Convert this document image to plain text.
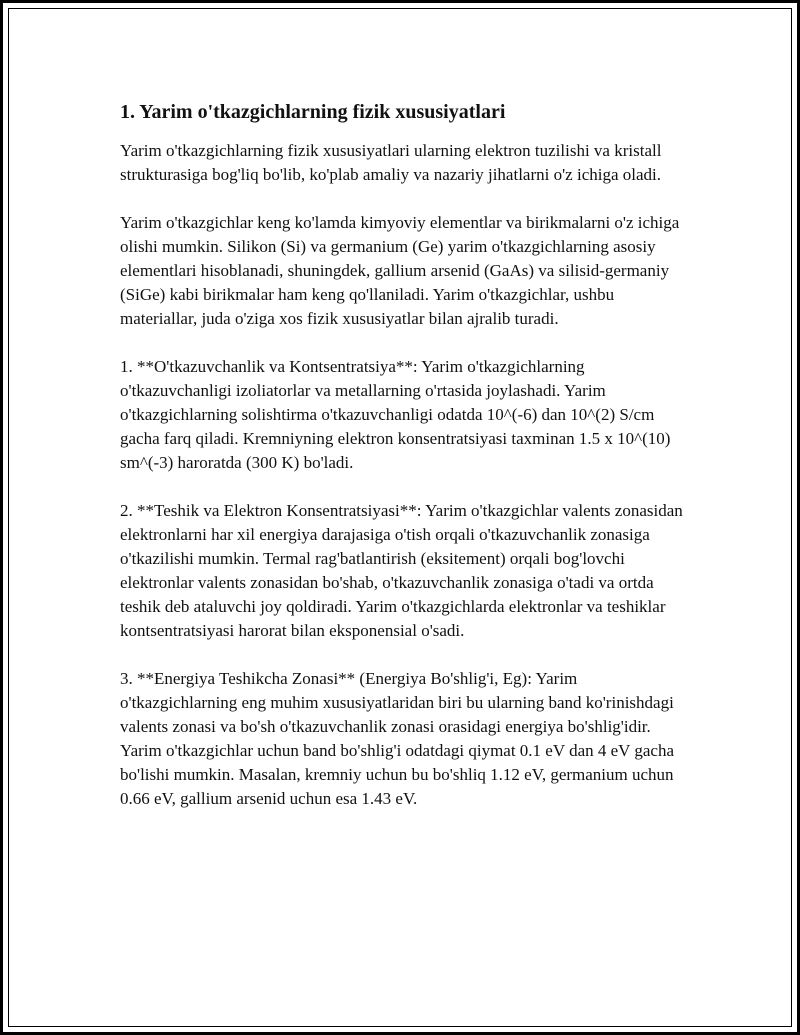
1. Yarim o'tkazgichlarning fizik xususiyatlari

Yarim o'tkazgichlarning fizik xususiyatlari ularning elektron tuzilishi va kristall strukturasiga bog'liq bo'lib, ko'plab amaliy va nazariy jihatlarni o'z ichiga oladi.

Yarim o'tkazgichlar keng ko'lamda kimyoviy elementlar va birikmalarni o'z ichiga olishi mumkin. Silikon (Si) va germanium (Ge) yarim o'tkazgichlarning asosiy elementlari hisoblanadi, shuningdek, gallium arsenid (GaAs) va silisid-germaniy (SiGe) kabi birikmalar ham keng qo'llaniladi. Yarim o'tkazgichlar, ushbu materiallar, juda o'ziga xos fizik xususiyatlar bilan ajralib turadi.

1. **O'tkazuvchanlik va Kontsentratsiya**: Yarim o'tkazgichlarning o'tkazuvchanligi izoliatorlar va metallarning o'rtasida joylashadi. Yarim o'tkazgichlarning solishtirma o'tkazuvchanligi odatda 10^(-6) dan 10^(2) S/cm gacha farq qiladi. Kremniyning elektron konsentratsiyasi taxminan 1.5 x 10^(10) sm^(-3) haroratda (300 K) bo'ladi.

2. **Teshik va Elektron Konsentratsiyasi**: Yarim o'tkazgichlar valents zonasidan elektronlarni har xil energiya darajasiga o'tish orqali o'tkazuvchanlik zonasiga o'tkazilishi mumkin. Termal rag'batlantirish (eksitement) orqali bog'lovchi elektronlar valents zonasidan bo'shab, o'tkazuvchanlik zonasiga o'tadi va ortda teshik deb ataluvchi joy qoldiradi. Yarim o'tkazgichlarda elektronlar va teshiklar kontsentratsiyasi harorat bilan eksponensial o'sadi.

3. **Energiya Teshikcha Zonasi** (Energiya Bo'shlig'i, Eg): Yarim o'tkazgichlarning eng muhim xususiyatlaridan biri bu ularning band ko'rinishdagi valents zonasi va bo'sh o'tkazuvchanlik zonasi orasidagi energiya bo'shlig'idir. Yarim o'tkazgichlar uchun band bo'shlig'i odatdagi qiymat 0.1 eV dan 4 eV gacha bo'lishi mumkin. Masalan, kremniy uchun bu bo'shliq 1.12 eV, germanium uchun 0.66 eV, gallium arsenid uchun esa 1.43 eV.
